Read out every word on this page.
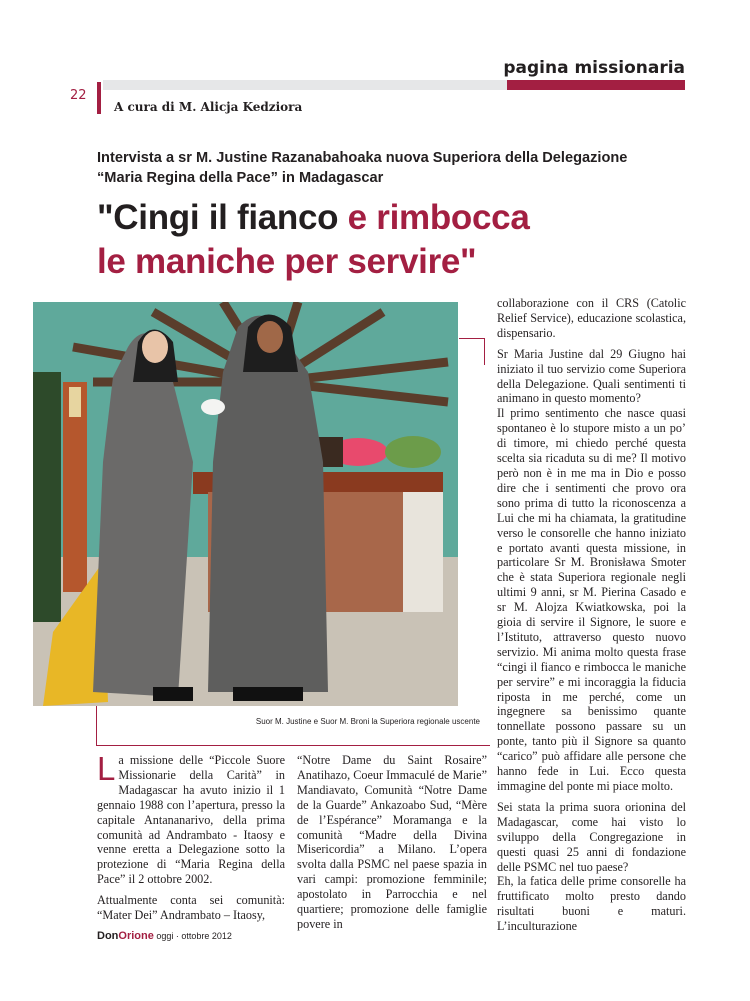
pagina missionaria
22
A cura di M. Alicja Kedziora
Intervista a sr M. Justine Razanabahoaka nuova Superiora della Delegazione
“Maria Regina della Pace” in Madagascar
"Cingi il fianco e rimbocca
le maniche per servire"
Suor M. Justine e Suor M. Broni la Superiora regionale uscente

collaborazione con il CRS (Catolic Relief Service), educazione scolastica, dispensario.

Sr Maria Justine dal 29 Giugno hai iniziato il tuo servizio come Superiora della Delegazione. Quali sentimenti ti animano in questo momento?

Il primo sentimento che nasce quasi spontaneo è lo stupore misto a un po’ di timore, mi chiedo perché questa scelta sia ricaduta su di me? Il motivo però non è in me ma in Dio e posso dire che i sentimenti che provo ora sono prima di tutto la riconoscenza a Lui che mi ha chiamata, la gratitudine verso le consorelle che hanno iniziato e portato avanti questa missione, in particolare Sr M. Bronisława Smoter che è stata Superiora regionale negli ultimi 9 anni, sr M. Pierina Casado e sr M. Alojza Kwiatkowska, poi la gioia di servire il Signore, le suore e l’Istituto, attraverso questo nuovo servizio. Mi anima molto questa frase “cingi il fianco e rimbocca le maniche per servire” e mi incoraggia la fiducia riposta in me perché, come un ingegnere sa benissimo quante tonnellate possono passare su un ponte, tanto più il Signore sa quanto “carico” può affidare alle persone che hanno fede in Lui. Ecco questa immagine del ponte mi piace molto.

Sei stata la prima suora orionina del Madagascar, come hai visto lo sviluppo della Congregazione in questi quasi 25 anni di fondazione delle PSMC nel tuo paese?

Eh, la fatica delle prime consorelle ha fruttificato molto presto dando risultati buoni e maturi. L’inculturazione

La missione delle “Piccole Suore Missionarie della Carità” in Madagascar ha avuto inizio il 1 gennaio 1988 con l’apertura, presso la capitale Antananarivo, della prima comunità ad Andrambato - Itaosy e venne eretta a Delegazione sotto la protezione di “Maria Regina della Pace” il 2 ottobre 2002.

Attualmente conta sei comunità: “Mater Dei” Andrambato – Itaosy,

“Notre Dame du Saint Rosaire” Anatihazo, Coeur Immaculé de Marie” Mandiavato, Comunità “Notre Dame de la Guarde” Ankazoabo Sud, “Mère de l’Espérance” Moramanga e la comunità “Madre della Divina Misericordia” a Milano. L’opera svolta dalla PSMC nel paese spazia in vari campi: promozione femminile; apostolato in Parrocchia e nel quartiere; promozione delle famiglie povere in

DonOrione oggi · ottobre 2012
